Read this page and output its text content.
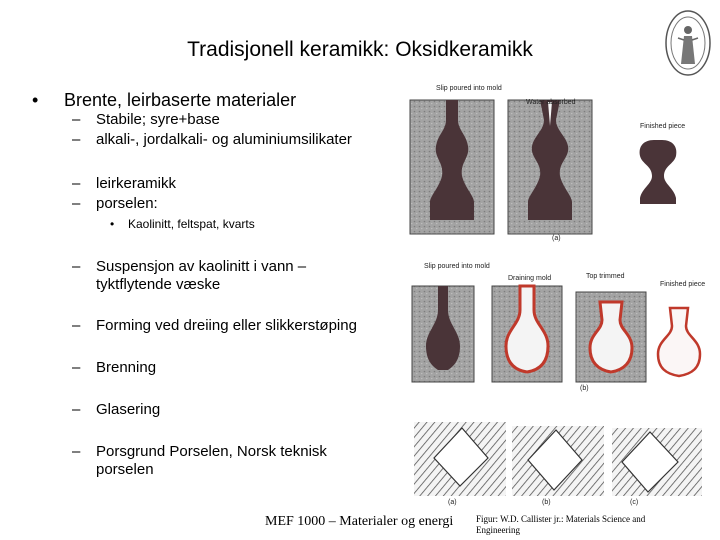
Tradisjonell keramikk: Oksidkeramikk
• Brente, leirbaserte materialer
– Stabile; syre+base
– alkali-, jordalkali- og aluminiumsilikater
– leirkeramikk
– porselen:
• Kaolinitt, feltspat, kvarts
– Suspensjon av kaolinitt i vann – tyktflytende væske
– Forming ved dreiing eller slikkerstøping
– Brenning
– Glasering
– Porsgrund Porselen, Norsk teknisk porselen
Slip poured into mold
Water absorbed
Finished piece
(a)
Slip poured into mold
Draining mold	Top trimmed
Finished piece
(b)
(a)	(b)	(c)
MEF 1000 – Materialer og energi	Figur: W.D. Callister jr.: Materials Science and Engineering
